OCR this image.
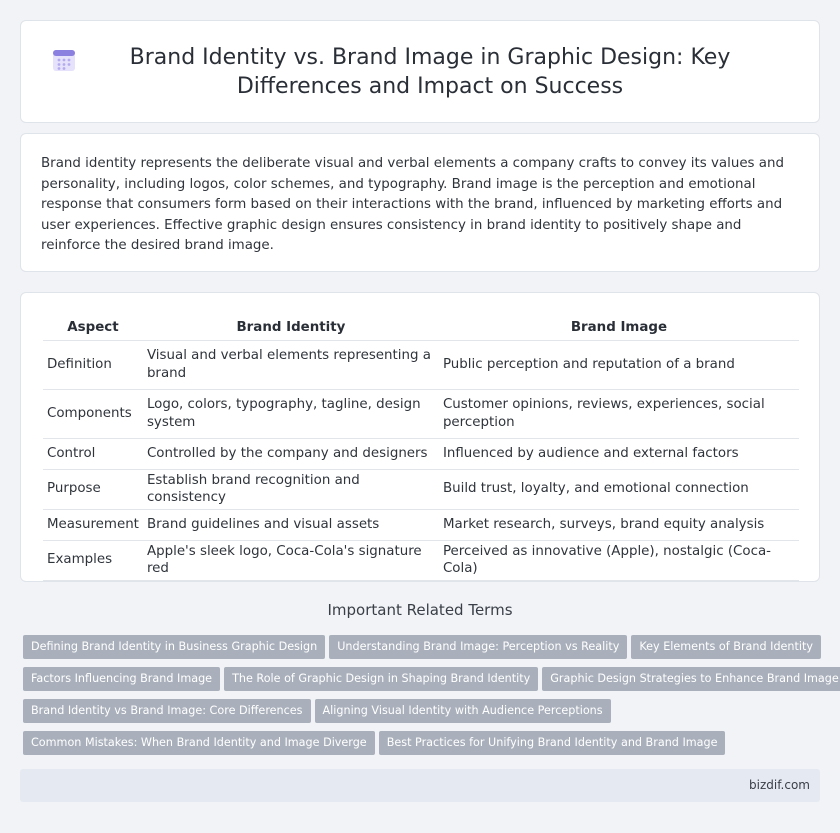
Brand Identity vs. Brand Image in Graphic Design: Key Differences and Impact on Success

Brand identity represents the deliberate visual and verbal elements a company crafts to convey its values and personality, including logos, color schemes, and typography. Brand image is the perception and emotional response that consumers form based on their interactions with the brand, influenced by marketing efforts and user experiences. Effective graphic design ensures consistency in brand identity to positively shape and reinforce the desired brand image.

Aspect	Brand Identity	Brand Image
Definition	Visual and verbal elements representing a brand	Public perception and reputation of a brand
Components	Logo, colors, typography, tagline, design system	Customer opinions, reviews, experiences, social perception
Control	Controlled by the company and designers	Influenced by audience and external factors
Purpose	Establish brand recognition and consistency	Build trust, loyalty, and emotional connection
Measurement	Brand guidelines and visual assets	Market research, surveys, brand equity analysis
Examples	Apple's sleek logo, Coca-Cola's signature red	Perceived as innovative (Apple), nostalgic (Coca-Cola)
Important Related Terms
Defining Brand Identity in Business Graphic Design Understanding Brand Image: Perception vs Reality Key Elements of Brand Identity
Factors Influencing Brand Image The Role of Graphic Design in Shaping Brand Identity Graphic Design Strategies to Enhance Brand Image
Brand Identity vs Brand Image: Core Differences Aligning Visual Identity with Audience Perceptions
Common Mistakes: When Brand Identity and Image Diverge Best Practices for Unifying Brand Identity and Brand Image
bizdif.com
